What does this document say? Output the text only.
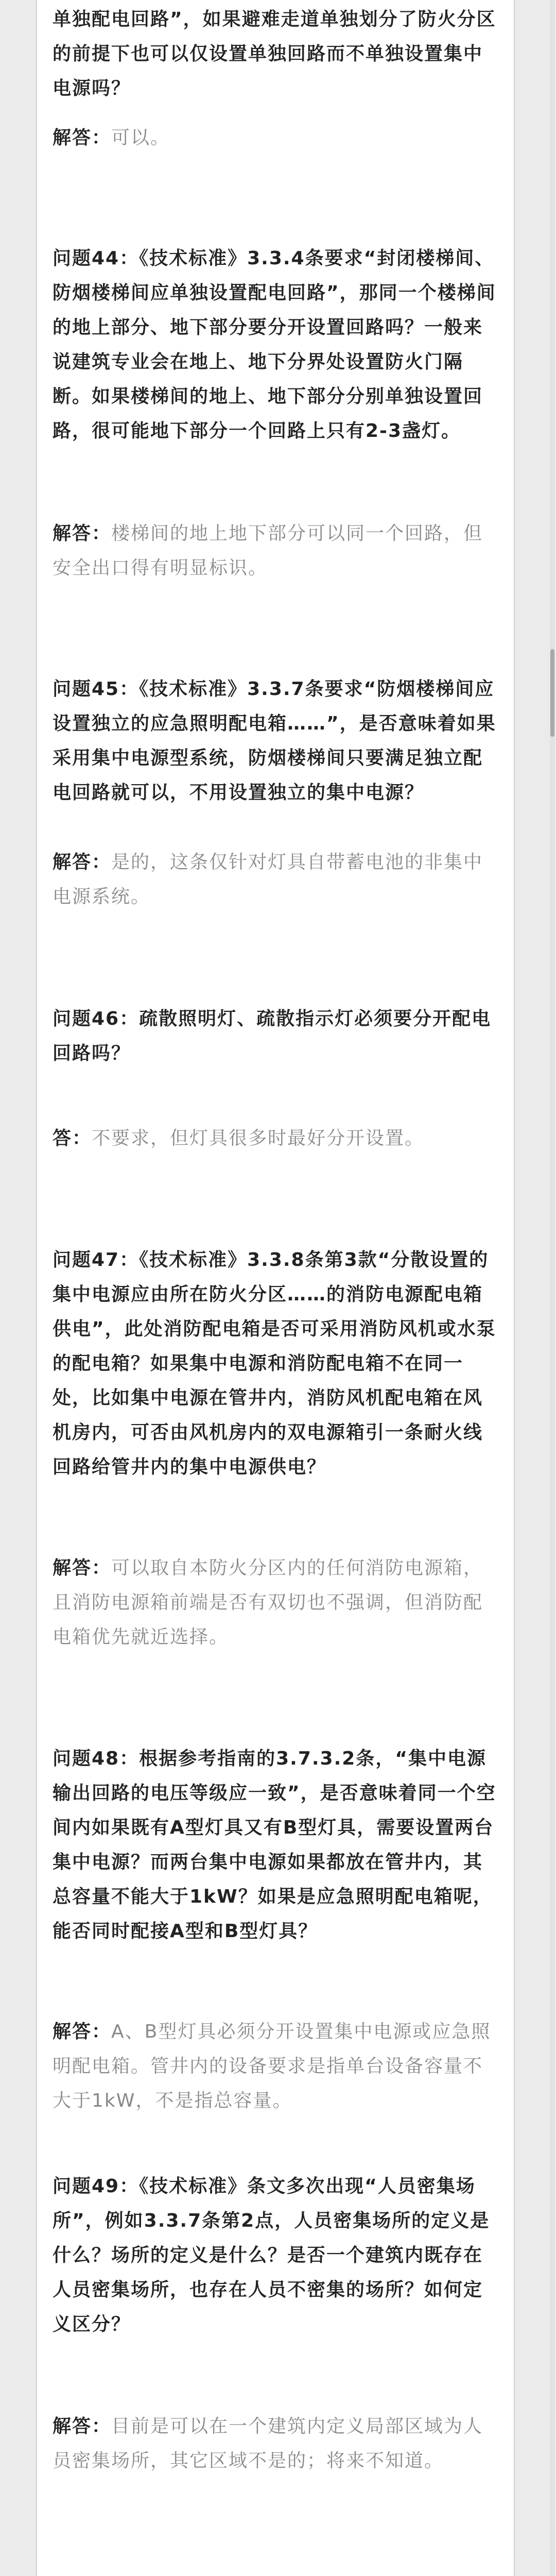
单独配电回路”，如果避难走道单独划分了防火分区的前提下也可以仅设置单独回路而不单独设置集中电源吗？

解答：可以。

问题44：《技术标准》3.3.4条要求“封闭楼梯间、防烟楼梯间应单独设置配电回路”，那同一个楼梯间的地上部分、地下部分要分开设置回路吗？一般来说建筑专业会在地上、地下分界处设置防火门隔断。如果楼梯间的地上、地下部分分别单独设置回路，很可能地下部分一个回路上只有2-3盏灯。

解答：楼梯间的地上地下部分可以同一个回路，但安全出口得有明显标识。

问题45：《技术标准》3.3.7条要求“防烟楼梯间应设置独立的应急照明配电箱……”，是否意味着如果采用集中电源型系统，防烟楼梯间只要满足独立配电回路就可以，不用设置独立的集中电源？

解答：是的，这条仅针对灯具自带蓄电池的非集中电源系统。

问题46：疏散照明灯、疏散指示灯必须要分开配电回路吗？

答：不要求，但灯具很多时最好分开设置。

问题47：《技术标准》3.3.8条第3款“分散设置的集中电源应由所在防火分区……的消防电源配电箱供电”，此处消防配电箱是否可采用消防风机或水泵的配电箱？如果集中电源和消防配电箱不在同一处，比如集中电源在管井内，消防风机配电箱在风机房内，可否由风机房内的双电源箱引一条耐火线回路给管井内的集中电源供电？

解答：可以取自本防火分区内的任何消防电源箱，且消防电源箱前端是否有双切也不强调，但消防配电箱优先就近选择。

问题48：根据参考指南的3.7.3.2条，“集中电源输出回路的电压等级应一致”，是否意味着同一个空间内如果既有A型灯具又有B型灯具，需要设置两台集中电源？而两台集中电源如果都放在管井内，其总容量不能大于1kW？如果是应急照明配电箱呢，能否同时配接A型和B型灯具？

解答：A、B型灯具必须分开设置集中电源或应急照明配电箱。管井内的设备要求是指单台设备容量不大于1kW，不是指总容量。

问题49：《技术标准》条文多次出现“人员密集场所”，例如3.3.7条第2点，人员密集场所的定义是什么？场所的定义是什么？是否一个建筑内既存在人员密集场所，也存在人员不密集的场所？如何定义区分？

解答：目前是可以在一个建筑内定义局部区域为人员密集场所，其它区域不是的；将来不知道。
